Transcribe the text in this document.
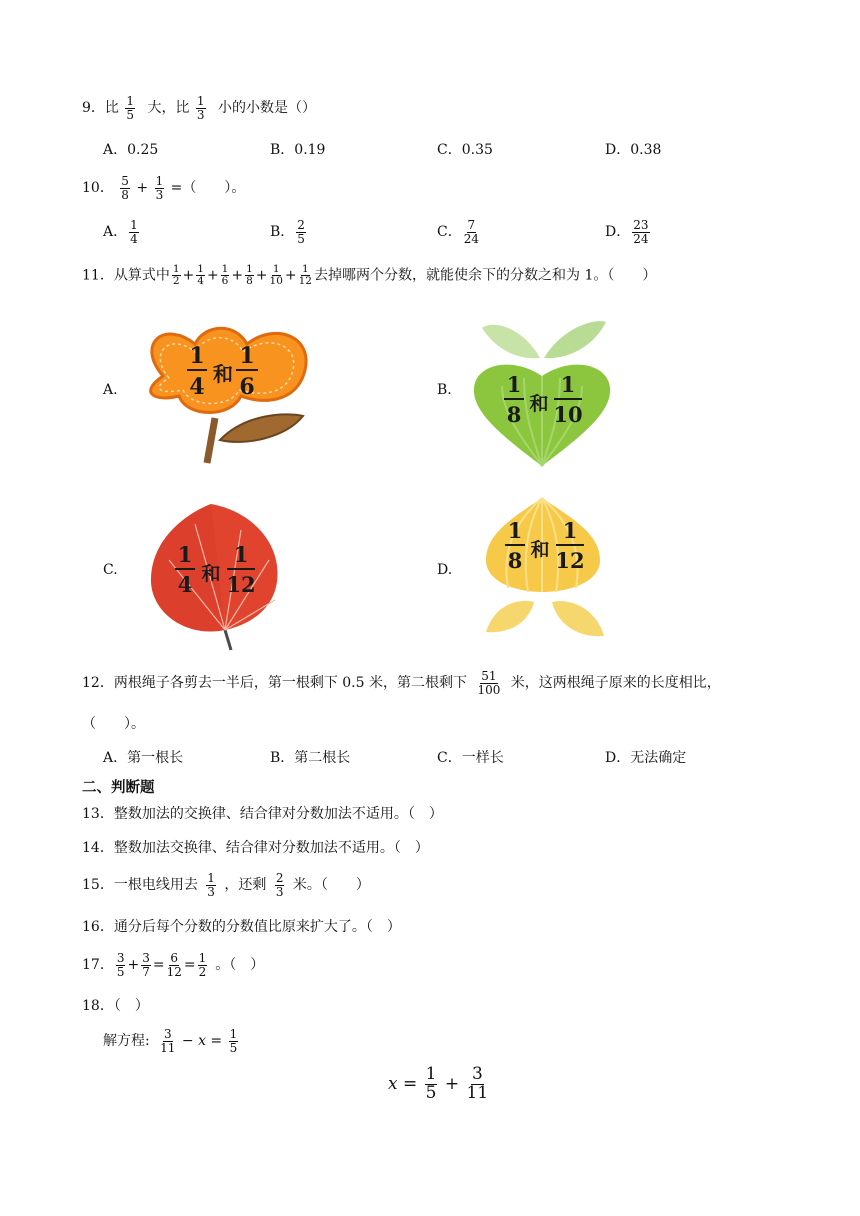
9．比 $\frac{1}{5}$ 大，比 $\frac{1}{3}$ 小的小数是（）
A．0.25	B．0.19	C．0.35	D．0.38
10． $\frac{5}{8} + \frac{1}{3}$ =（　　）。
A． $\frac{1}{4}$	B． $\frac{2}{5}$	C． $\frac{7}{24}$	D． $\frac{23}{24}$
11．从算式中 $\frac{1}{2} + \frac{1}{4} + \frac{1}{6} + \frac{1}{8} + \frac{1}{10} + \frac{1}{12}$ 去掉哪两个分数，就能使余下的分数之和为 1。（　　）
A.
1
4 和
1
6	B.	1
8 和
1
10
C.
1
4 和
1
12
D.
1
8 和
1
12
12．两根绳子各剪去一半后，第一根剩下 0.5 米，第二根剩下 $\frac{51}{100}$ 米，这两根绳子原来的长度相比，
（　　）。
A．第一根长	B．第二根长	C．一样长	D．无法确定
二、判断题
13．整数加法的交换律、结合律对分数加法不适用。（　）
14．整数加法交换律、结合律对分数加法不适用。（　）
15．一根电线用去 $\frac{1}{3}$ ，还剩 $\frac{2}{3}$ 米。（　　）
16．通分后每个分数的分数值比原来扩大了。（　）
17． $\frac{3}{5} + \frac{3}{7} = \frac{6}{12} = \frac{1}{2}$ 。（　）
18．（　）
解方程: $\frac{3}{11} - x = \frac{1}{5}$
$x = \frac{1}{5} + \frac{3}{11}$
